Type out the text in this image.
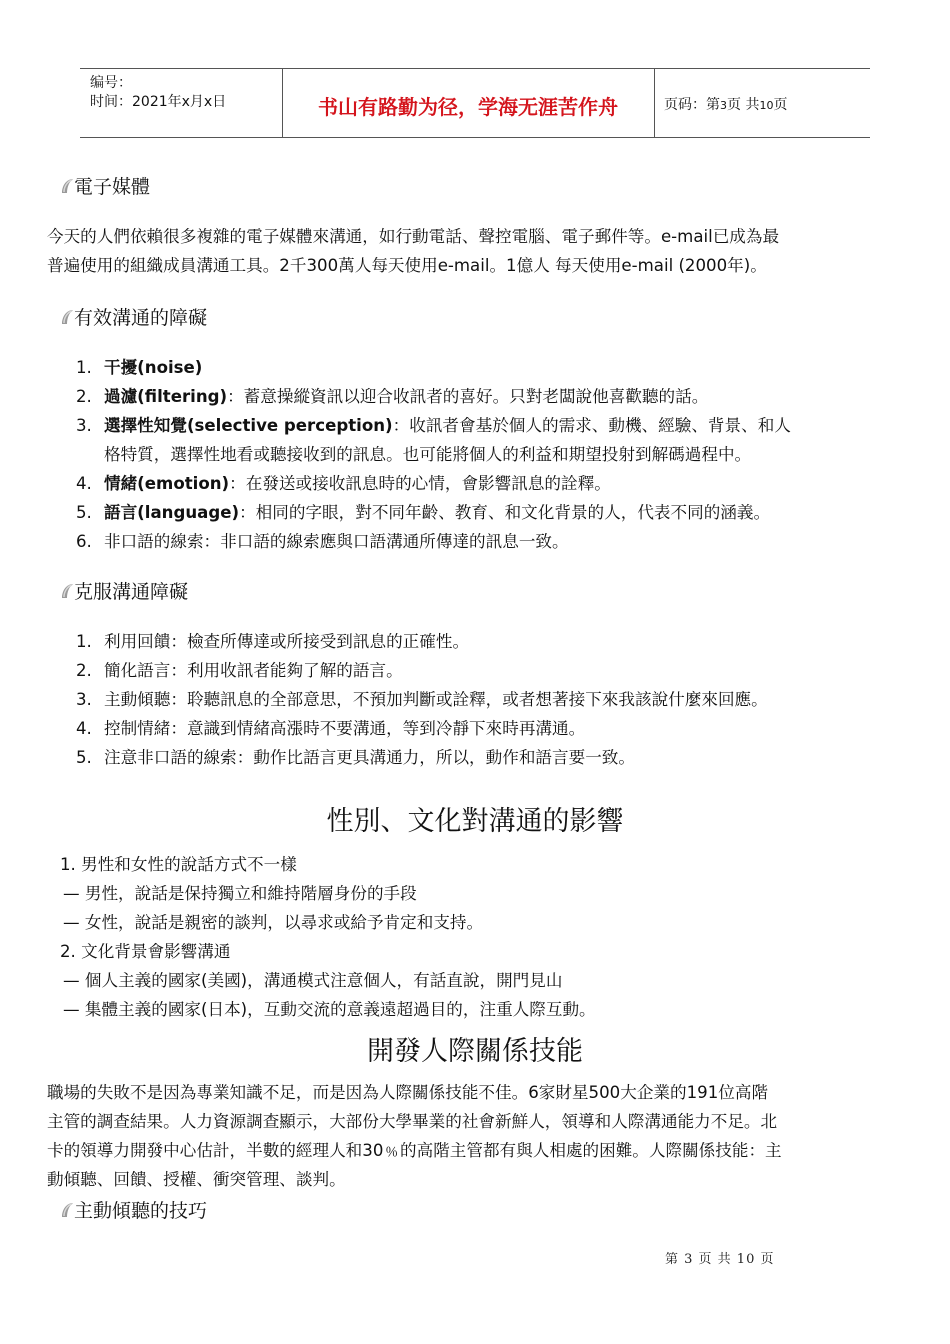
编号：
时间：2021年x月x日	书山有路勤为径，学海无涯苦作舟	页码：第3页 共10页
電子媒體
今天的人們依賴很多複雜的電子媒體來溝通，如行動電話、聲控電腦、電子郵件等。e-mail已成為最
普遍使用的組織成員溝通工具。2千300萬人每天使用e-mail。1億人 每天使用e-mail (2000年)。
有效溝通的障礙
1. 干擾(noise)
2. 過濾(filtering)：蓄意操縱資訊以迎合收訊者的喜好。只對老闆說他喜歡聽的話。
3. 選擇性知覺(selective perception)：收訊者會基於個人的需求、動機、經驗、背景、和人
格特質，選擇性地看或聽接收到的訊息。也可能將個人的利益和期望投射到解碼過程中。
4. 情緒(emotion)：在發送或接收訊息時的心情，會影響訊息的詮釋。
5. 語言(language)：相同的字眼，對不同年齡、教育、和文化背景的人，代表不同的涵義。
6. 非口語的線索：非口語的線索應與口語溝通所傳達的訊息一致。
克服溝通障礙
1. 利用回饋：檢查所傳達或所接受到訊息的正確性。
2. 簡化語言：利用收訊者能夠了解的語言。
3. 主動傾聽：聆聽訊息的全部意思，不預加判斷或詮釋，或者想著接下來我該說什麼來回應。
4. 控制情緒：意識到情緒高漲時不要溝通，等到冷靜下來時再溝通。
5. 注意非口語的線索：動作比語言更具溝通力，所以，動作和語言要一致。
性別、文化對溝通的影響
1. 男性和女性的說話方式不一樣
— 男性，說話是保持獨立和維持階層身份的手段
— 女性，說話是親密的談判，以尋求或給予肯定和支持。
2. 文化背景會影響溝通
— 個人主義的國家(美國)，溝通模式注意個人，有話直說，開門見山
— 集體主義的國家(日本)，互動交流的意義遠超過目的，注重人際互動。
開發人際關係技能
職場的失敗不是因為專業知識不足，而是因為人際關係技能不佳。6家財星500大企業的191位高階
主管的調查結果。人力資源調查顯示，大部份大學畢業的社會新鮮人，領導和人際溝通能力不足。北
卡的領導力開發中心估計，半數的經理人和30﹪的高階主管都有與人相處的困難。人際關係技能：主
動傾聽、回饋、授權、衝突管理、談判。
主動傾聽的技巧
第 3 页 共 10 页
